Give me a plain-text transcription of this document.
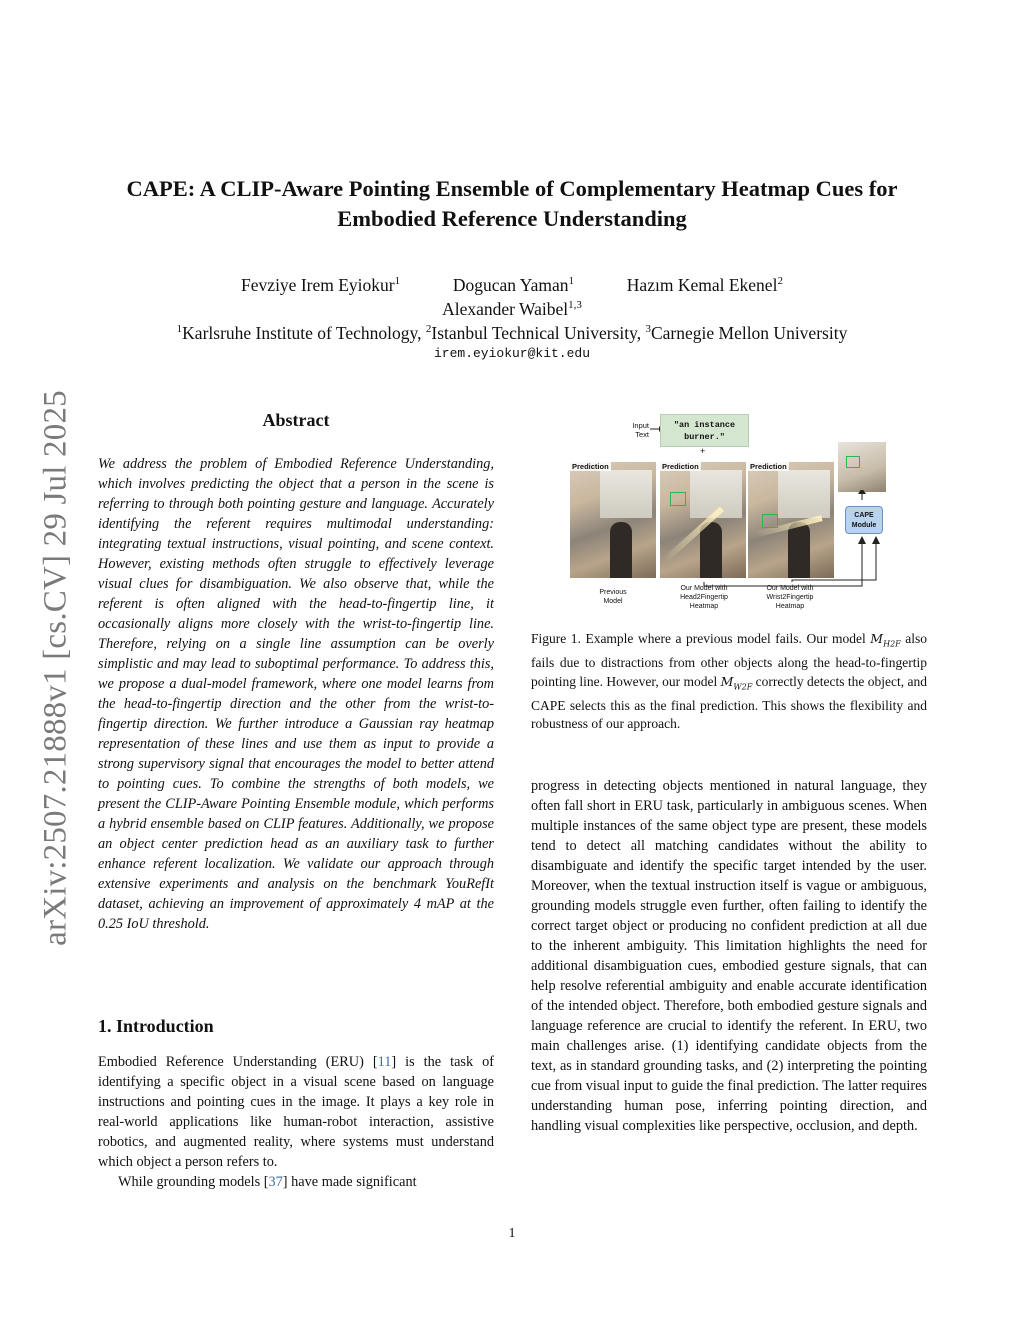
arXiv:2507.21888v1 [cs.CV] 29 Jul 2025
CAPE: A CLIP-Aware Pointing Ensemble of Complementary Heatmap Cues for
Embodied Reference Understanding
Fevziye Irem Eyiokur$^1$	Dogucan Yaman$^1$	Hazım Kemal Ekenel$^2$
Alexander Waibel$^{1,3}$
$^1$Karlsruhe Institute of Technology, $^2$Istanbul Technical University, $^3$Carnegie Mellon University
irem.eyiokur@kit.edu
Abstract
We address the problem of Embodied Reference Understanding, which involves predicting the object that a person in the scene is referring to through both pointing gesture and language. Accurately identifying the referent requires multimodal understanding: integrating textual instructions, visual pointing, and scene context. However, existing methods often struggle to effectively leverage visual clues for disambiguation. We also observe that, while the referent is often aligned with the head-to-fingertip line, it occasionally aligns more closely with the wrist-to-fingertip line. Therefore, relying on a single line assumption can be overly simplistic and may lead to suboptimal performance. To address this, we propose a dual-model framework, where one model learns from the head-to-fingertip direction and the other from the wrist-to-fingertip direction. We further introduce a Gaussian ray heatmap representation of these lines and use them as input to provide a strong supervisory signal that encourages the model to better attend to pointing cues. To combine the strengths of both models, we present the CLIP-Aware Pointing Ensemble module, which performs a hybrid ensemble based on CLIP features. Additionally, we propose an object center prediction head as an auxiliary task to further enhance referent localization. We validate our approach through extensive experiments and analysis on the benchmark YouRefIt dataset, achieving an improvement of approximately 4 mAP at the 0.25 IoU threshold.
1. Introduction
Embodied Reference Understanding (ERU) [11] is the task of identifying a specific object in a visual scene based on language instructions and pointing cues in the image. It plays a key role in real-world applications like human-robot interaction, assistive robotics, and augmented reality, where systems must understand which object a person refers to.
While grounding models [37] have made significant
Input
Text
"an instance
burner."
+
Prediction	Prediction	Prediction
CAPE
Module
Previous
Model
Our Model with
Head2Fingertip
Heatmap
Our Model with
Wrist2Fingertip
Heatmap
Figure 1. Example where a previous model fails. Our model $M_{H2F}$ also fails due to distractions from other objects along the head-to-fingertip pointing line. However, our model $M_{W2F}$ correctly detects the object, and CAPE selects this as the final prediction. This shows the flexibility and robustness of our approach.
progress in detecting objects mentioned in natural language, they often fall short in ERU task, particularly in ambiguous scenes. When multiple instances of the same object type are present, these models tend to detect all matching candidates without the ability to disambiguate and identify the specific target intended by the user. Moreover, when the textual instruction itself is vague or ambiguous, grounding models struggle even further, often failing to identify the correct target object or producing no confident prediction at all due to the inherent ambiguity. This limitation highlights the need for additional disambiguation cues, embodied gesture signals, that can help resolve referential ambiguity and enable accurate identification of the intended object. Therefore, both embodied gesture signals and language reference are crucial to identify the referent. In ERU, two main challenges arise. (1) identifying candidate objects from the text, as in standard grounding tasks, and (2) interpreting the pointing cue from visual input to guide the final prediction. The latter requires understanding human pose, inferring pointing direction, and handling visual complexities like perspective, occlusion, and depth.
1
